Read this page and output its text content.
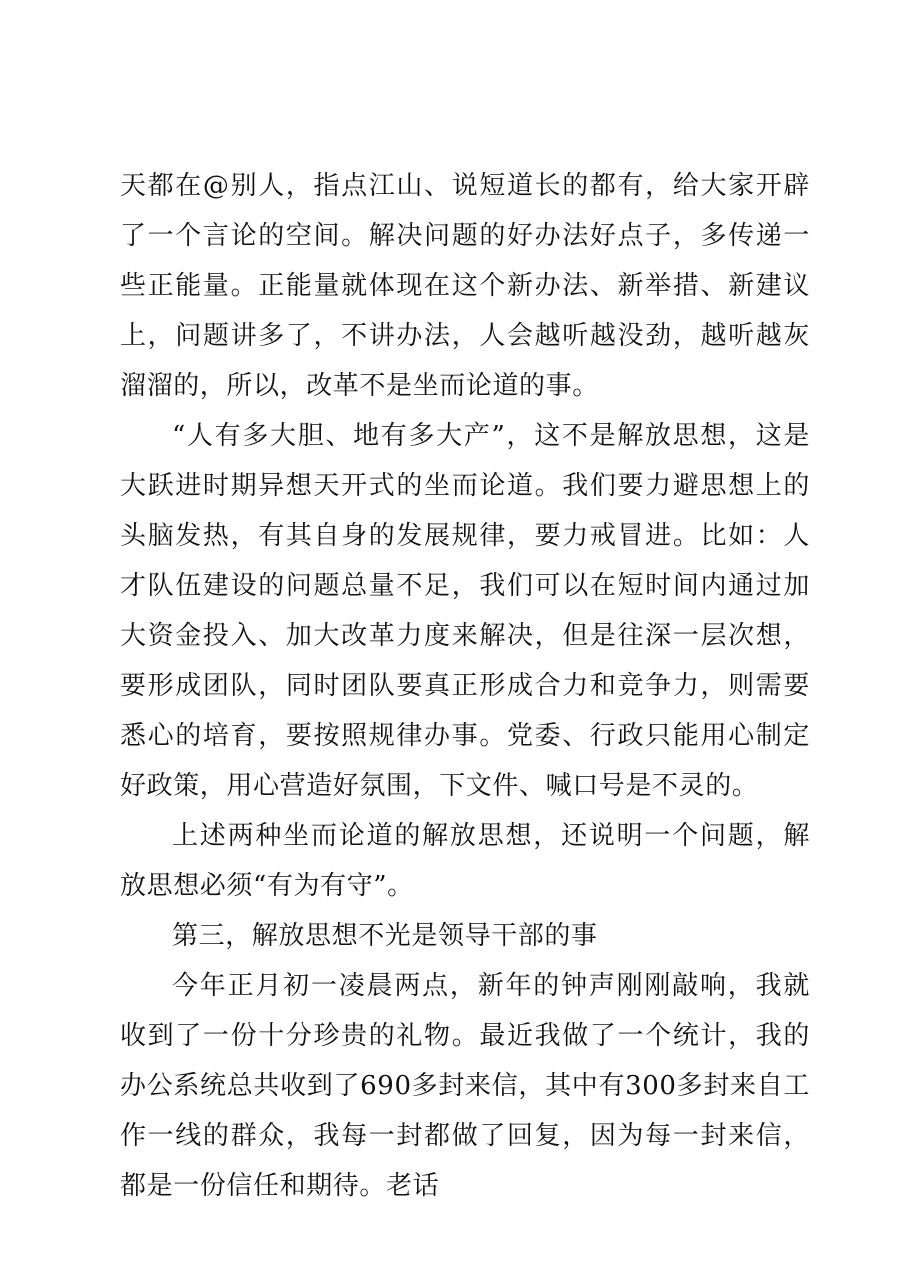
天都在@别人，指点江山、说短道长的都有，给大家开辟了一个言论的空间。解决问题的好办法好点子，多传递一些正能量。正能量就体现在这个新办法、新举措、新建议上，问题讲多了，不讲办法，人会越听越没劲，越听越灰溜溜的，所以，改革不是坐而论道的事。

“人有多大胆、地有多大产”，这不是解放思想，这是大跃进时期异想天开式的坐而论道。我们要力避思想上的头脑发热，有其自身的发展规律，要力戒冒进。比如：人才队伍建设的问题总量不足，我们可以在短时间内通过加大资金投入、加大改革力度来解决，但是往深一层次想，要形成团队，同时团队要真正形成合力和竞争力，则需要悉心的培育，要按照规律办事。党委、行政只能用心制定好政策，用心营造好氛围，下文件、喊口号是不灵的。

上述两种坐而论道的解放思想，还说明一个问题，解放思想必须“有为有守”。

第三，解放思想不光是领导干部的事

今年正月初一凌晨两点，新年的钟声刚刚敲响，我就收到了一份十分珍贵的礼物。最近我做了一个统计，我的办公系统总共收到了690多封来信，其中有300多封来自工作一线的群众，我每一封都做了回复，因为每一封来信，都是一份信任和期待。老话
